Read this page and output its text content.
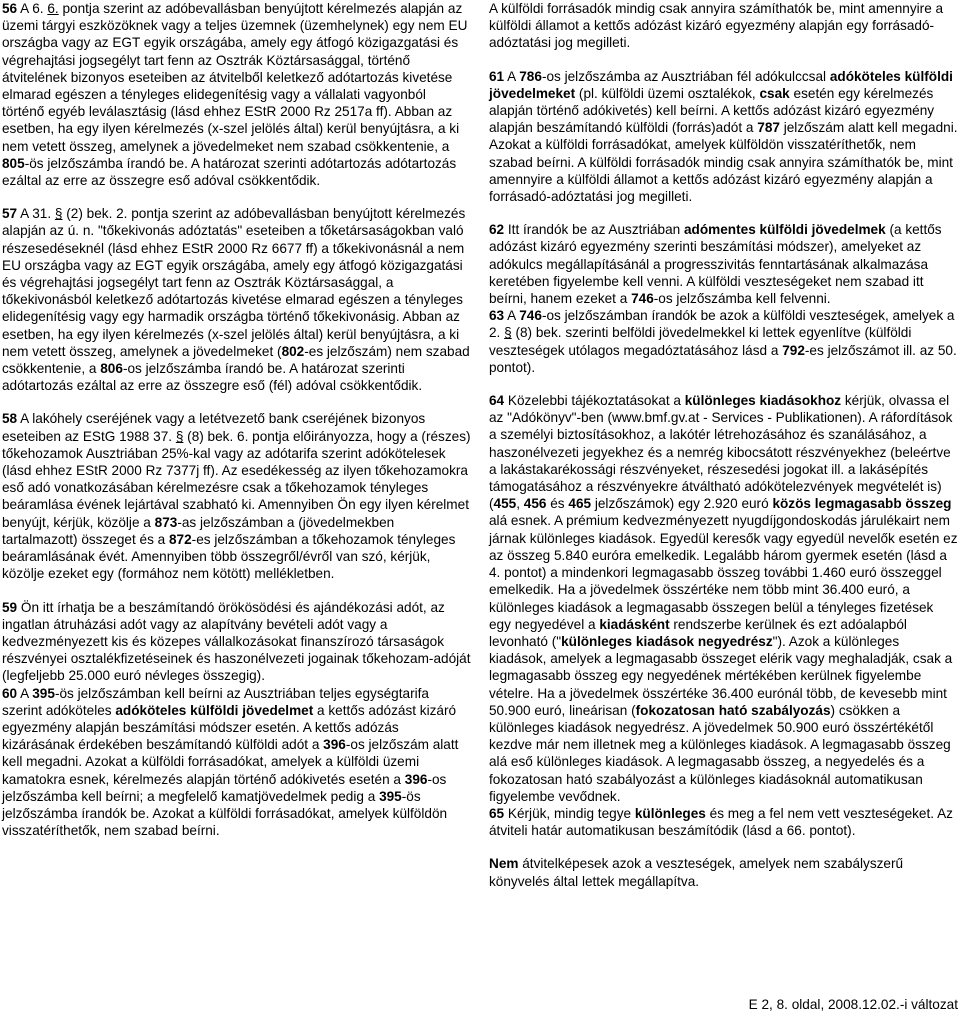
56 A 6. 6. pontja szerint az adóbevallásban benyújtott kérelmezés alapján az üzemi tárgyi eszközöknek vagy a teljes üzemnek (üzemhelynek) egy nem EU országba vagy az EGT egyik országába, amely egy átfogó közigazgatási és végrehajtási jogsegélyt tart fenn az Osztrák Köztársasággal, történő átvitelének bizonyos eseteiben az átvitelből keletkező adótartozás kivetése elmarad egészen a tényleges elidegenítésig vagy a vállalati vagyonból történő egyéb leválasztásig (lásd ehhez EStR 2000 Rz 2517a ff). Abban az esetben, ha egy ilyen kérelmezés (x-szel jelölés által) kerül benyújtásra, a ki nem vetett összeg, amelynek a jövedelmeket nem szabad csökkentenie, a 805-ös jelzőszámba írandó be. A határozat szerinti adótartozás adótartozás ezáltal az erre az összegre eső adóval csökkentődik.

57 A 31. § (2) bek. 2. pontja szerint az adóbevallásban benyújtott kérelmezés alapján az ú. n. "tőkekivonás adóztatás" eseteiben a tőketársaságokban való részesedéseknél (lásd ehhez EStR 2000 Rz 6677 ff) a tőkekivonásnál a nem EU országba vagy az EGT egyik országába, amely egy átfogó közigazgatási és végrehajtási jogsegélyt tart fenn az Osztrák Köztársasággal, a tőkekivonásból keletkező adótartozás kivetése elmarad egészen a tényleges elidegenítésig vagy egy harmadik országba történő tőkekivonásig. Abban az esetben, ha egy ilyen kérelmezés (x-szel jelölés által) kerül benyújtásra, a ki nem vetett összeg, amelynek a jövedelmeket (802-es jelzőszám) nem szabad csökkentenie, a 806-os jelzőszámba írandó be. A határozat szerinti adótartozás ezáltal az erre az összegre eső (fél) adóval csökkentődik.

58 A lakóhely cseréjének vagy a letétvezető bank cseréjének bizonyos eseteiben az EStG 1988 37. § (8) bek. 6. pontja előirányozza, hogy a (részes) tőkehozamok Ausztriában 25%-kal vagy az adótarifa szerint adókötelesek (lásd ehhez EStR 2000 Rz 7377j ff). Az esedékesség az ilyen tőkehozamokra eső adó vonatkozásában kérelmezésre csak a tőkehozamok tényleges beáramlása évének lejártával szabható ki. Amennyiben Ön egy ilyen kérelmet benyújt, kérjük, közölje a 873-as jelzőszámban a (jövedelmekben tartalmazott) összeget és a 872-es jelzőszámban a tőkehozamok tényleges beáramlásának évét. Amennyiben több összegről/évről van szó, kérjük, közölje ezeket egy (formához nem kötött) mellékletben.

59 Ön itt írhatja be a beszámítandó örökösödési és ajándékozási adót, az ingatlan átruházási adót vagy az alapítvány bevételi adót vagy a kedvezményezett kis és közepes vállalkozásokat finanszírozó társaságok részvényei osztalékfizetéseinek és haszonélvezeti jogainak tőkehozam-adóját (legfeljebb 25.000 euró névleges összegig).

60 A 395-ös jelzőszámban kell beírni az Ausztriában teljes egységtarifa szerint adóköteles adóköteles külföldi jövedelmet a kettős adózást kizáró egyezmény alapján beszámítási módszer esetén. A kettős adózás kizárásának érdekében beszámítandó külföldi adót a 396-os jelzőszám alatt kell megadni. Azokat a külföldi forrásadókat, amelyek a külföldi üzemi kamatokra esnek, kérelmezés alapján történő adókivetés esetén a 396-os jelzőszámba kell beírni; a megfelelő kamatjövedelmek pedig a 395-ös jelzőszámba írandók be. Azokat a külföldi forrásadókat, amelyek külföldön visszatéríthetők, nem szabad beírni.

A külföldi forrásadók mindig csak annyira számíthatók be, mint amennyire a külföldi államot a kettős adózást kizáró egyezmény alapján egy forrásadó-adóztatási jog megilleti.

61 A 786-os jelzőszámba az Ausztriában fél adókulccsal adóköteles külföldi jövedelmeket (pl. külföldi üzemi osztalékok, csak esetén egy kérelmezés alapján történő adókivetés) kell beírni. A kettős adózást kizáró egyezmény alapján beszámítandó külföldi (forrás)adót a 787 jelzőszám alatt kell megadni. Azokat a külföldi forrásadókat, amelyek külföldön visszatéríthetők, nem szabad beírni. A külföldi forrásadók mindig csak annyira számíthatók be, mint amennyire a külföldi államot a kettős adózást kizáró egyezmény alapján a forrásadó-adóztatási jog megilleti.

62 Itt írandók be az Ausztriában adómentes külföldi jövedelmek (a kettős adózást kizáró egyezmény szerinti beszámítási módszer), amelyeket az adókulcs megállapításánál a progresszivitás fenntartásának alkalmazása keretében figyelembe kell venni. A külföldi veszteségeket nem szabad itt beírni, hanem ezeket a 746-os jelzőszámba kell felvenni.

63 A 746-os jelzőszámban írandók be azok a külföldi veszteségek, amelyek a 2. § (8) bek. szerinti belföldi jövedelmekkel ki lettek egyenlítve (külföldi veszteségek utólagos megadóztatásához lásd a 792-es jelzőszámot ill. az 50. pontot).

64 Közelebbi tájékoztatásokat a különleges kiadásokhoz kérjük, olvassa el az "Adókönyv"-ben (www.bmf.gv.at - Services - Publikationen). A ráfordítások a személyi biztosításokhoz, a lakótér létrehozásához és szanálásához, a haszonélvezeti jegyekhez és a nemrég kibocsátott részvényekhez (beleértve a lakástakarékossági részvényeket, részesedési jogokat ill. a lakásépítés támogatásához a részvényekre átváltható adókötelezvények megvételét is) (455, 456 és 465 jelzőszámok) egy 2.920 euró közös legmagasabb összeg alá esnek. A prémium kedvezményezett nyugdíjgondoskodás járulékairt nem járnak különleges kiadások. Egyedül keresők vagy egyedül nevelők esetén ez az összeg 5.840 euróra emelkedik. Legalább három gyermek esetén (lásd a 4. pontot) a mindenkori legmagasabb összeg további 1.460 euró összeggel emelkedik. Ha a jövedelmek összértéke nem több mint 36.400 euró, a különleges kiadások a legmagasabb összegen belül a tényleges fizetések egy negyedével a kiadásként rendszerbe kerülnek és ezt adóalapból levonható ("különleges kiadások negyedrész"). Azok a különleges kiadások, amelyek a legmagasabb összeget elérik vagy meghaladják, csak a legmagasabb összeg egy negyedének mértékében kerülnek figyelembe vételre. Ha a jövedelmek összértéke 36.400 eurónál több, de kevesebb mint 50.900 euró, lineárisan (fokozatosan ható szabályozás) csökken a különleges kiadások negyedrész. A jövedelmek 50.900 euró összértékétől kezdve már nem illetnek meg a különleges kiadások. A legmagasabb összeg alá eső különleges kiadások. A legmagasabb összeg, a negyedelés és a fokozatosan ható szabályozást a különleges kiadásoknál automatikusan figyelembe vevődnek.

65 Kérjük, mindig tegye különleges és meg a fel nem vett veszteségeket. Az átviteli határ automatikusan beszámítódik (lásd a 66. pontot).

Nem átvitelképesek azok a veszteségek, amelyek nem szabályszerű könyvelés által lettek megállapítva.

E 2, 8. oldal, 2008.12.02.-i változat
